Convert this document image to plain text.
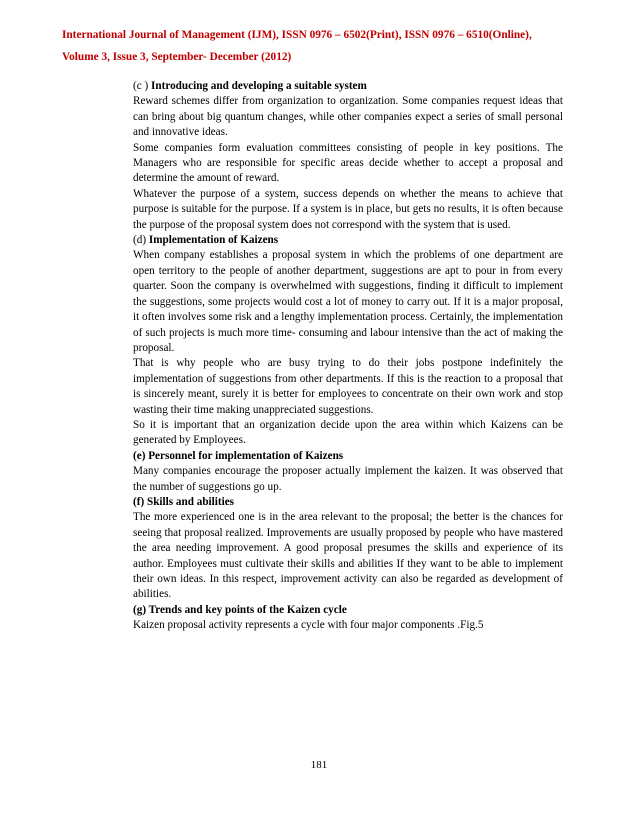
International Journal of Management (IJM), ISSN 0976 – 6502(Print), ISSN 0976 – 6510(Online),
Volume 3, Issue 3, September- December (2012)

(c ) Introducing and developing a suitable system

Reward schemes differ from organization to organization. Some companies request ideas that can bring about big quantum changes, while other companies expect a series of small personal and innovative ideas.

Some companies form evaluation committees consisting of people in key positions. The Managers who are responsible for specific areas decide whether to accept a proposal and determine the amount of reward.

Whatever the purpose of a system, success depends on whether the means to achieve that purpose is suitable for the purpose. If a system is in place, but gets no results, it is often because the purpose of the proposal system does not correspond with the system that is used.

(d) Implementation of Kaizens

When company establishes a proposal system in which the problems of one department are open territory to the people of another department, suggestions are apt to pour in from every quarter. Soon the company is overwhelmed with suggestions, finding it difficult to implement the suggestions, some projects would cost a lot of money to carry out. If it is a major proposal, it often involves some risk and a lengthy implementation process. Certainly, the implementation of such projects is much more time- consuming and labour intensive than the act of making the proposal.

That is why people who are busy trying to do their jobs postpone indefinitely the implementation of suggestions from other departments. If this is the reaction to a proposal that is sincerely meant, surely it is better for employees to concentrate on their own work and stop wasting their time making unappreciated suggestions.

So it is important that an organization decide upon the area within which Kaizens can be generated by Employees.

(e) Personnel for implementation of Kaizens

Many companies encourage the proposer actually implement the kaizen. It was observed that the number of suggestions go up.

(f) Skills and abilities

The more experienced one is in the area relevant to the proposal; the better is the chances for seeing that proposal realized. Improvements are usually proposed by people who have mastered the area needing improvement. A good proposal presumes the skills and experience of its author. Employees must cultivate their skills and abilities If they want to be able to implement their own ideas. In this respect, improvement activity can also be regarded as development of abilities.

(g) Trends and key points of the Kaizen cycle

Kaizen proposal activity represents a cycle with four major components .Fig.5

181
